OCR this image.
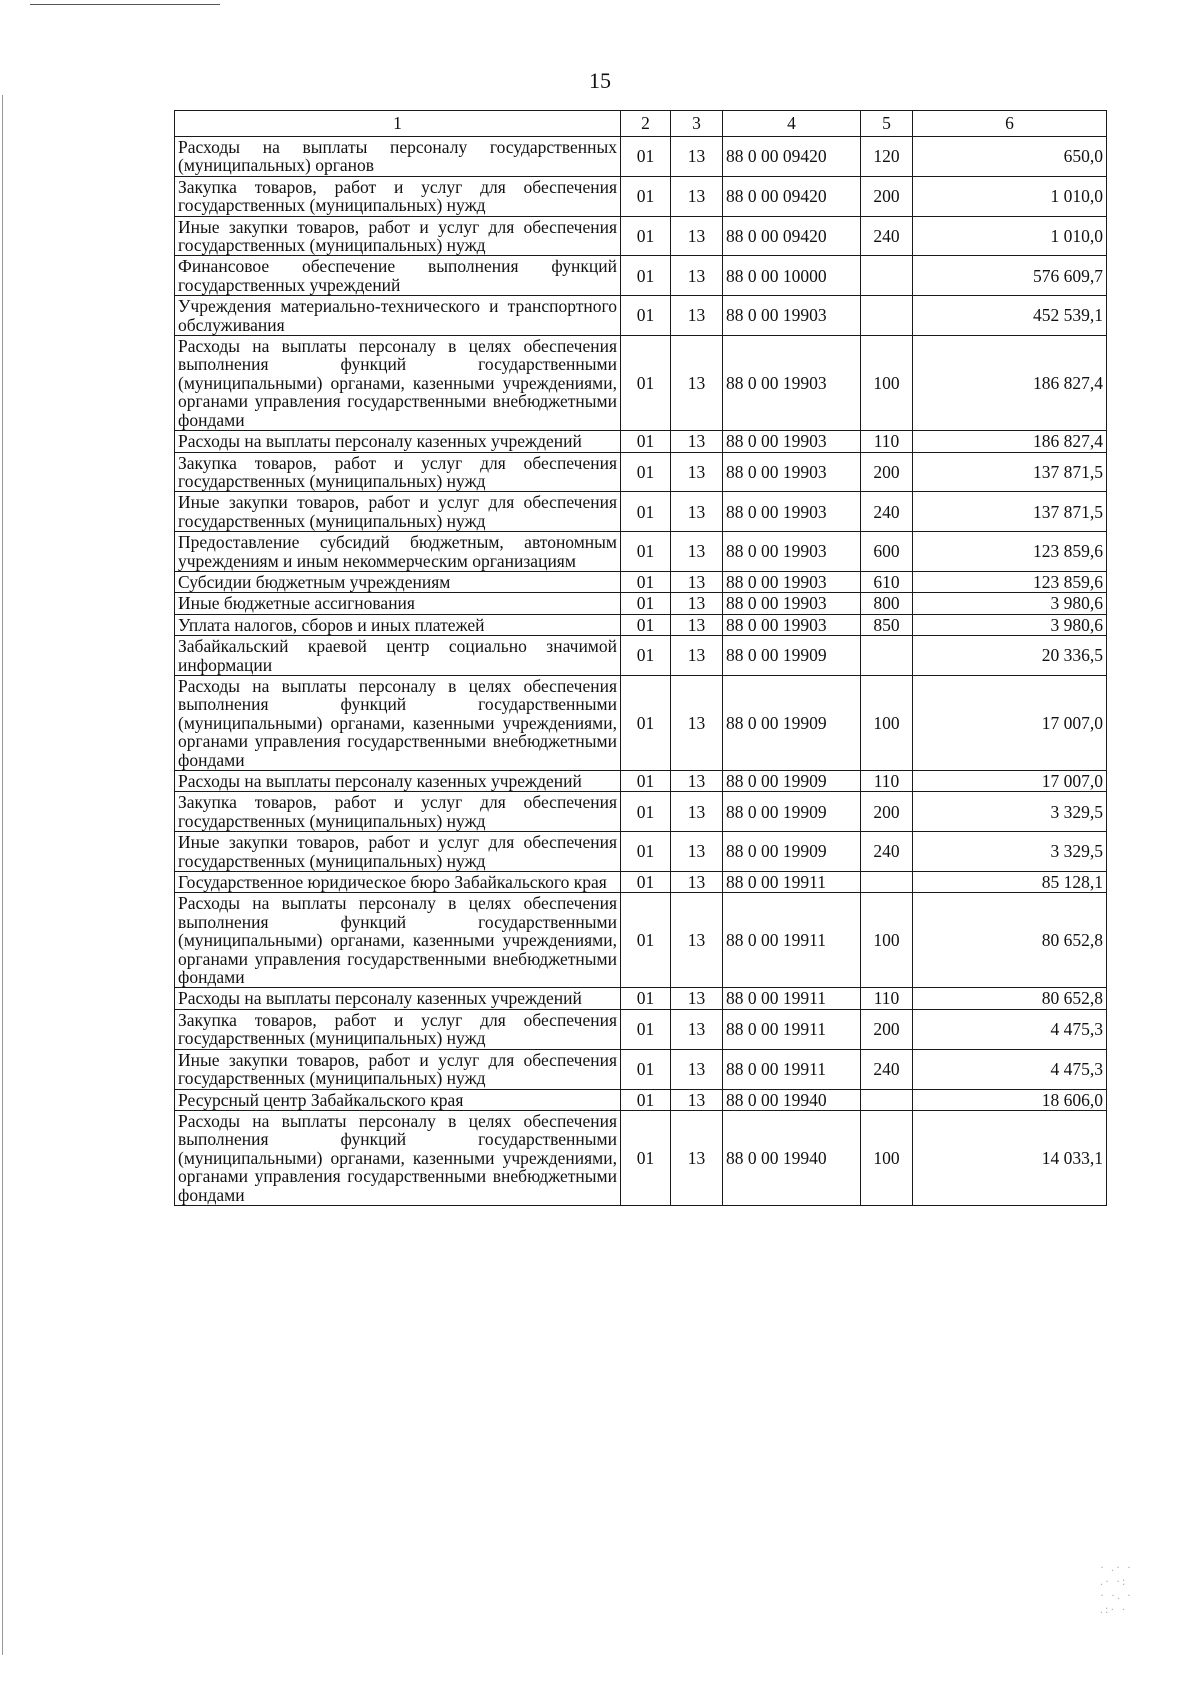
15
1	2	3	4	5	6
Расходы на выплаты персоналу государственных (муниципальных) органов	01	13	88 0 00 09420	120	650,0
Закупка товаров, работ и услуг для обеспечения государственных (муниципальных) нужд	01	13	88 0 00 09420	200	1 010,0
Иные закупки товаров, работ и услуг для обеспечения государственных (муниципальных) нужд	01	13	88 0 00 09420	240	1 010,0
Финансовое обеспечение выполнения функций государственных учреждений	01	13	88 0 00 10000		576 609,7
Учреждения материально-технического и транспортного обслуживания	01	13	88 0 00 19903		452 539,1
Расходы на выплаты персоналу в целях обеспечения выполнения функций государственными (муниципальными) органами, казенными учреждениями, органами управления государственными внебюджетными фондами	01	13	88 0 00 19903	100	186 827,4
Расходы на выплаты персоналу казенных учреждений	01	13	88 0 00 19903	110	186 827,4
Закупка товаров, работ и услуг для обеспечения государственных (муниципальных) нужд	01	13	88 0 00 19903	200	137 871,5
Иные закупки товаров, работ и услуг для обеспечения государственных (муниципальных) нужд	01	13	88 0 00 19903	240	137 871,5
Предоставление субсидий бюджетным, автономным учреждениям и иным некоммерческим организациям	01	13	88 0 00 19903	600	123 859,6
Субсидии бюджетным учреждениям	01	13	88 0 00 19903	610	123 859,6
Иные бюджетные ассигнования	01	13	88 0 00 19903	800	3 980,6
Уплата налогов, сборов и иных платежей	01	13	88 0 00 19903	850	3 980,6
Забайкальский краевой центр социально значимой информации	01	13	88 0 00 19909		20 336,5
Расходы на выплаты персоналу в целях обеспечения выполнения функций государственными (муниципальными) органами, казенными учреждениями, органами управления государственными внебюджетными фондами	01	13	88 0 00 19909	100	17 007,0
Расходы на выплаты персоналу казенных учреждений	01	13	88 0 00 19909	110	17 007,0
Закупка товаров, работ и услуг для обеспечения государственных (муниципальных) нужд	01	13	88 0 00 19909	200	3 329,5
Иные закупки товаров, работ и услуг для обеспечения государственных (муниципальных) нужд	01	13	88 0 00 19909	240	3 329,5
Государственное юридическое бюро Забайкальского края	01	13	88 0 00 19911		85 128,1
Расходы на выплаты персоналу в целях обеспечения выполнения функций государственными (муниципальными) органами, казенными учреждениями, органами управления государственными внебюджетными фондами	01	13	88 0 00 19911	100	80 652,8
Расходы на выплаты персоналу казенных учреждений	01	13	88 0 00 19911	110	80 652,8
Закупка товаров, работ и услуг для обеспечения государственных (муниципальных) нужд	01	13	88 0 00 19911	200	4 475,3
Иные закупки товаров, работ и услуг для обеспечения государственных (муниципальных) нужд	01	13	88 0 00 19911	240	4 475,3
Ресурсный центр Забайкальского края	01	13	88 0 00 19940		18 606,0
Расходы на выплаты персоналу в целях обеспечения выполнения функций государственными (муниципальными) органами, казенными учреждениями, органами управления государственными внебюджетными фондами	01	13	88 0 00 19940	100	14 033,1
· .· ·
.· ·:
· ·. ·
.:· ·
